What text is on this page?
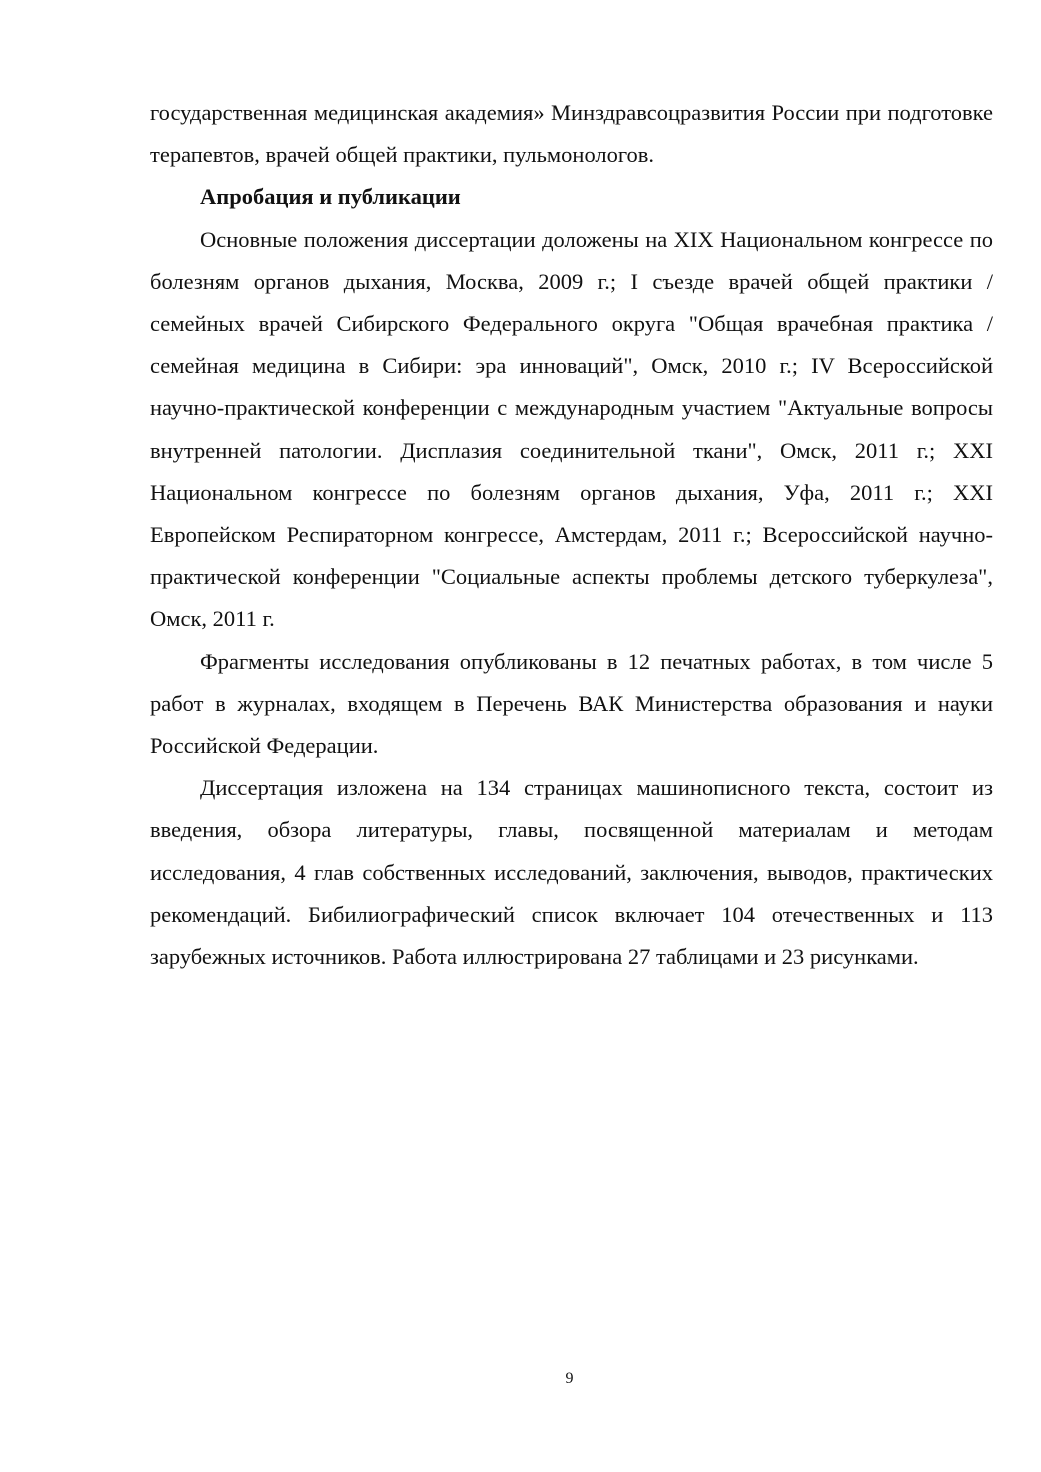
государственная медицинская академия» Минздравсоцразвития России при подготовке терапевтов, врачей общей практики, пульмонологов.

Апробация и публикации

Основные положения диссертации доложены на XIX Национальном конгрессе по болезням органов дыхания, Москва, 2009 г.; I съезде врачей общей практики / семейных врачей Сибирского Федерального округа "Общая врачебная практика / семейная медицина в Сибири: эра инноваций", Омск, 2010 г.; IV Всероссийской научно-практической конференции с международным участием "Актуальные вопросы внутренней патологии. Дисплазия соединительной ткани", Омск, 2011 г.; XXI Национальном конгрессе по болезням органов дыхания, Уфа, 2011 г.; XXI Европейском Респираторном конгрессе, Амстердам, 2011 г.; Всероссийской научно-практической конференции "Социальные аспекты проблемы детского туберкулеза", Омск, 2011 г.

Фрагменты исследования опубликованы в 12 печатных работах, в том числе 5 работ в журналах, входящем в Перечень ВАК Министерства образования и науки Российской Федерации.

Диссертация изложена на 134 страницах машинописного текста, состоит из введения, обзора литературы, главы, посвященной материалам и методам исследования, 4 глав собственных исследований, заключения, выводов, практических рекомендаций. Бибилиографический список включает 104 отечественных и 113 зарубежных источников. Работа иллюстрирована 27 таблицами и 23 рисунками.

9
